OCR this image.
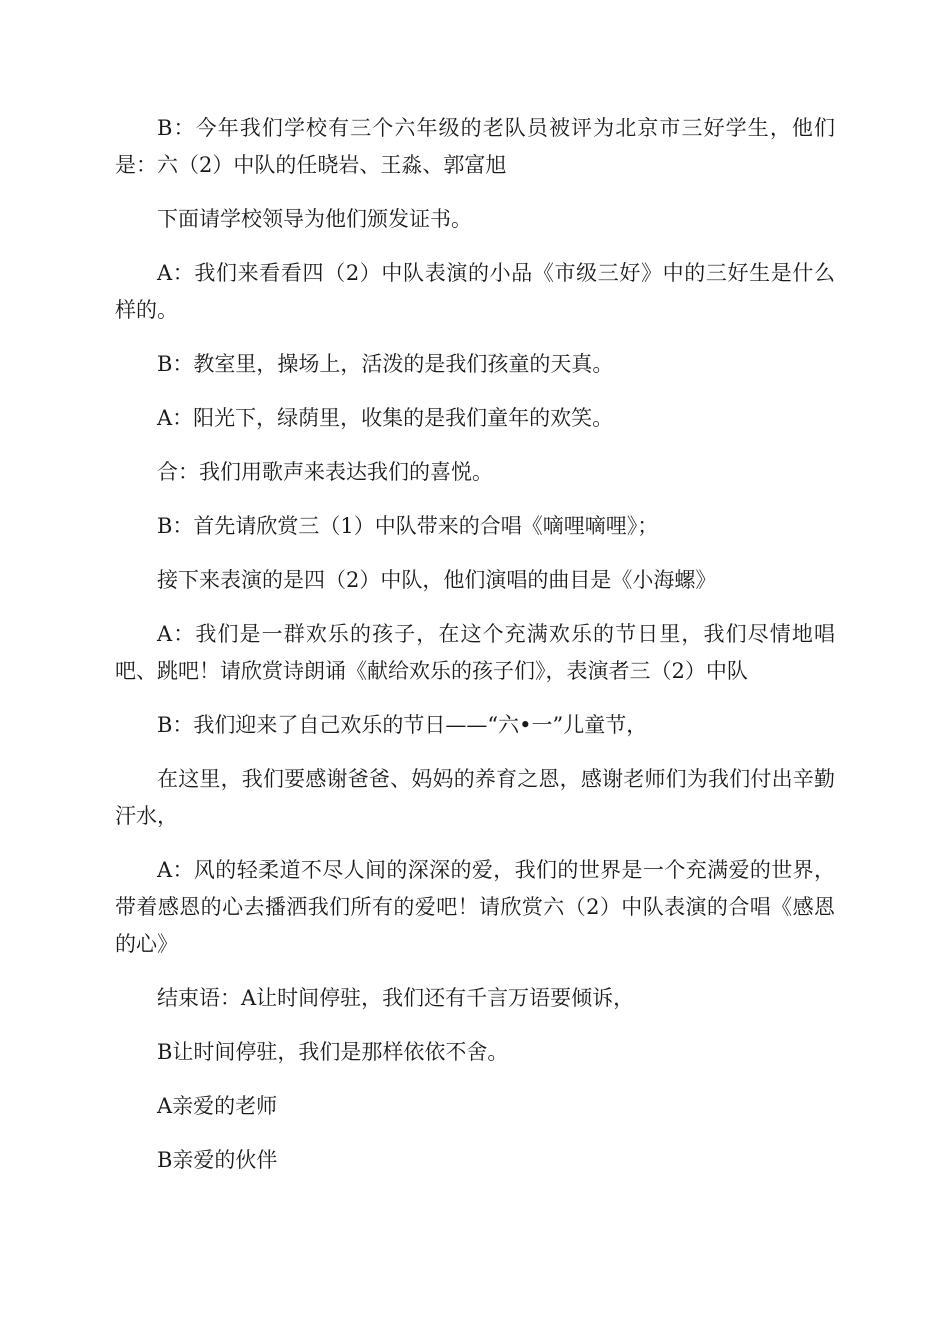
B：今年我们学校有三个六年级的老队员被评为北京市三好学生，他们是：六（2）中队的任晓岩、王淼、郭富旭

下面请学校领导为他们颁发证书。

A：我们来看看四（2）中队表演的小品《市级三好》中的三好生是什么样的。

B：教室里，操场上，活泼的是我们孩童的天真。

A：阳光下，绿荫里，收集的是我们童年的欢笑。

合：我们用歌声来表达我们的喜悦。

B：首先请欣赏三（1）中队带来的合唱《嘀哩嘀哩》；

接下来表演的是四（2）中队，他们演唱的曲目是《小海螺》

A：我们是一群欢乐的孩子，在这个充满欢乐的节日里，我们尽情地唱吧、跳吧！请欣赏诗朗诵《献给欢乐的孩子们》，表演者三（2）中队

B：我们迎来了自己欢乐的节日——“六•一”儿童节，

在这里，我们要感谢爸爸、妈妈的养育之恩，感谢老师们为我们付出辛勤汗水，

A：风的轻柔道不尽人间的深深的爱，我们的世界是一个充满爱的世界，带着感恩的心去播洒我们所有的爱吧！请欣赏六（2）中队表演的合唱《感恩的心》

结束语：A让时间停驻，我们还有千言万语要倾诉，

B让时间停驻，我们是那样依依不舍。

A亲爱的老师

B亲爱的伙伴
